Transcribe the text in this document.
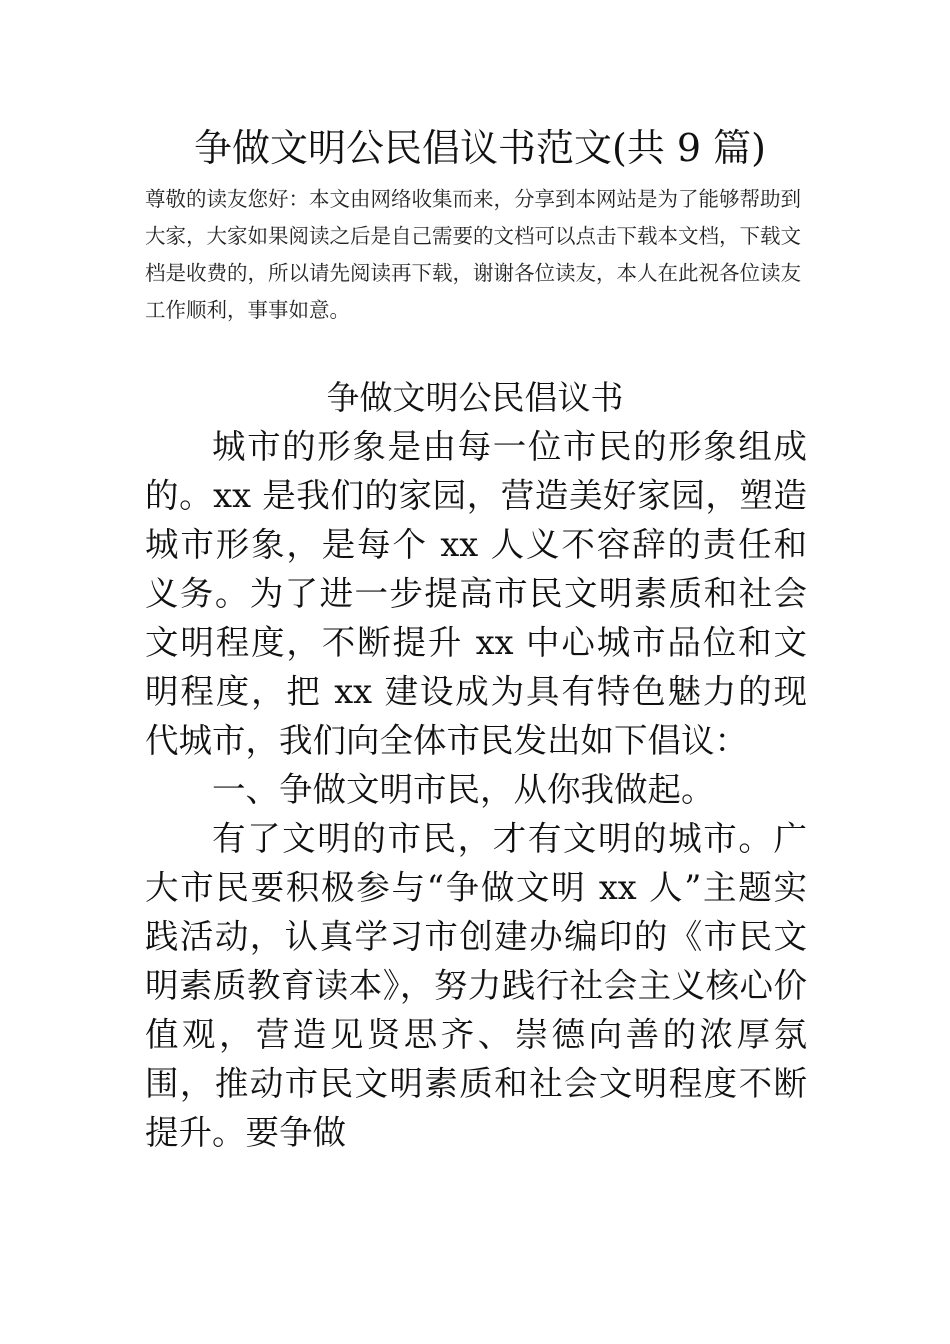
争做文明公民倡议书范文(共 9 篇)

尊敬的读友您好：本文由网络收集而来，分享到本网站是为了能够帮助到大家，大家如果阅读之后是自己需要的文档可以点击下载本文档，下载文档是收费的，所以请先阅读再下载，谢谢各位读友，本人在此祝各位读友工作顺利，事事如意。

争做文明公民倡议书
城市的形象是由每一位市民的形象组成的。xx 是我们的家园，营造美好家园，塑造城市形象，是每个 xx 人义不容辞的责任和义务。为了进一步提高市民文明素质和社会文明程度，不断提升 xx 中心城市品位和文明程度，把 xx 建设成为具有特色魅力的现代城市，我们向全体市民发出如下倡议：
一、争做文明市民，从你我做起。
有了文明的市民，才有文明的城市。广大市民要积极参与“争做文明 xx 人”主题实践活动，认真学习市创建办编印的《市民文明素质教育读本》，努力践行社会主义核心价值观，营造见贤思齐、崇德向善的浓厚氛围，推动市民文明素质和社会文明程度不断提升。要争做
